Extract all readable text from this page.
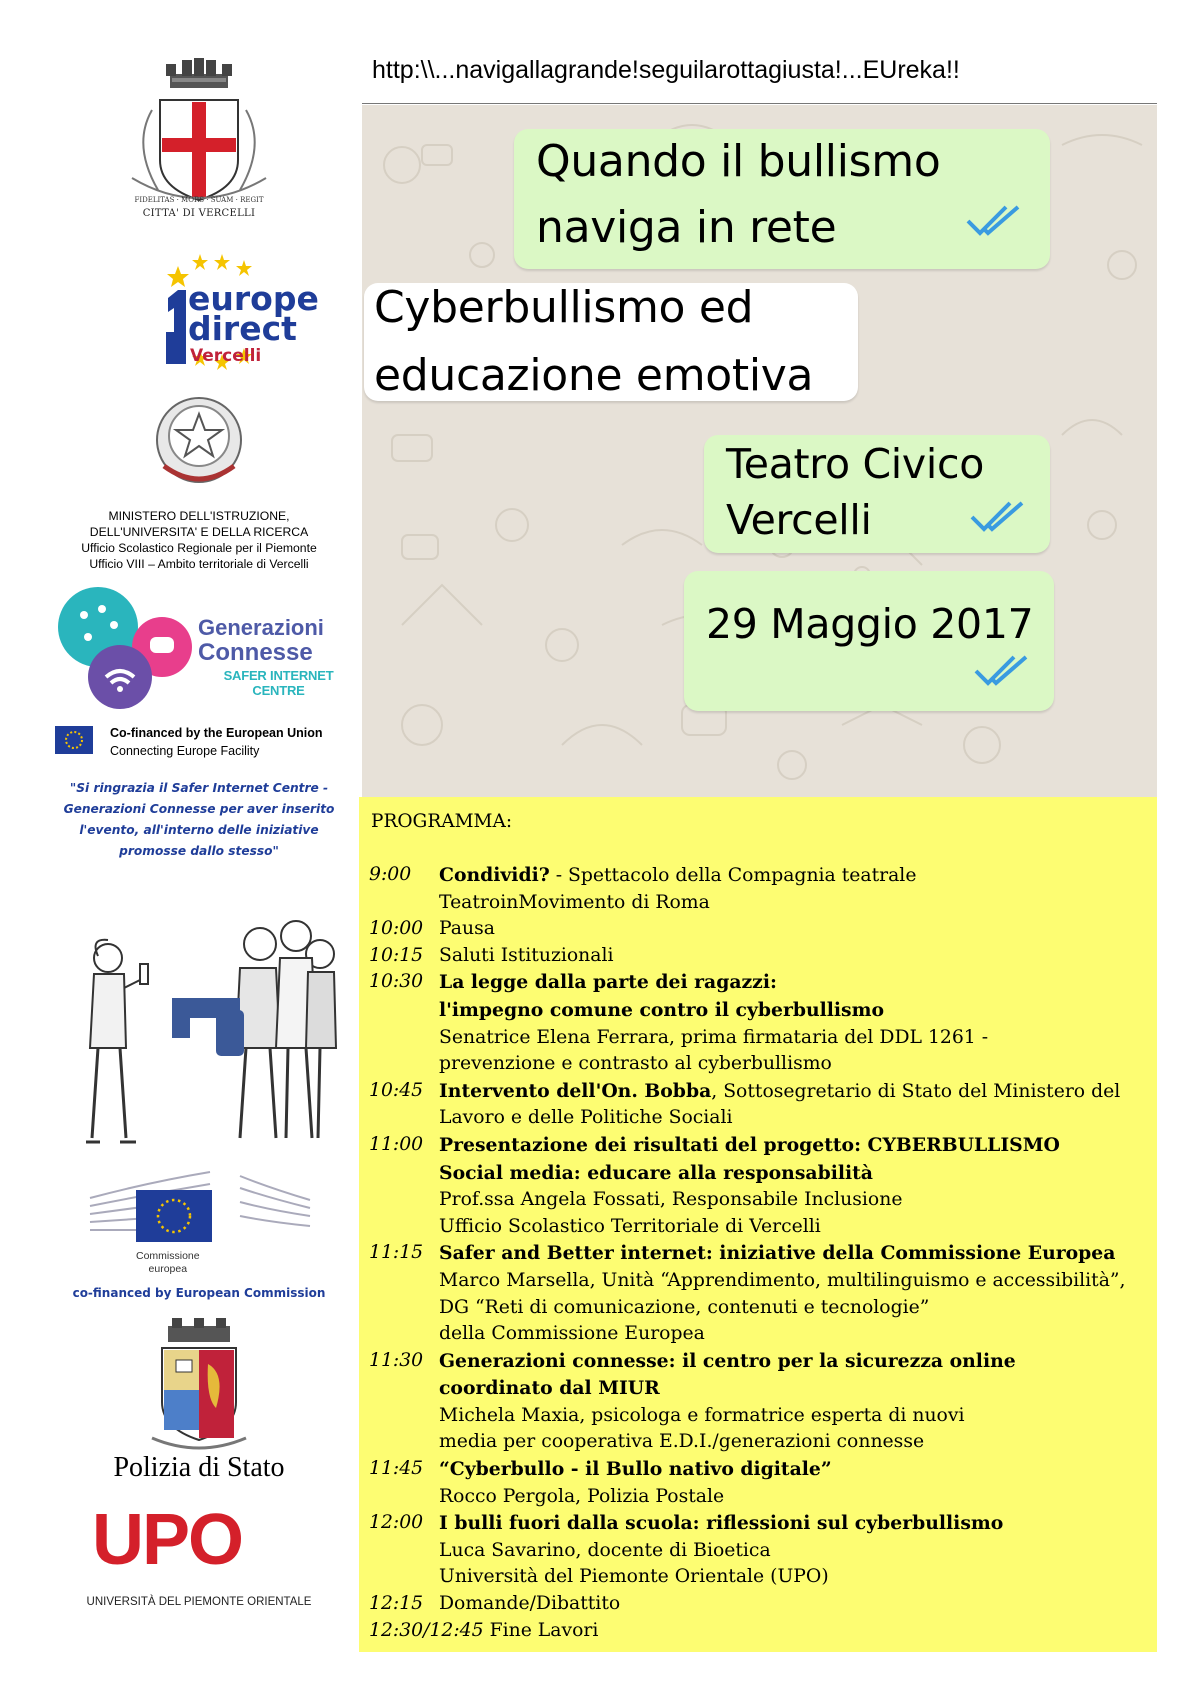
FIDELITAS · MORS · SUAM · REGIT
CITTA' DI VERCELLI
europe
direct
Vercelli
MINISTERO DELL'ISTRUZIONE,
DELL'UNIVERSITA' E DELLA RICERCA
Ufficio Scolastico Regionale per il Piemonte
Ufficio VIII – Ambito territoriale di Vercelli
Generazioni
Connesse
SAFER INTERNET CENTRE
Co-financed by the European Union
Connecting Europe Facility
"Si ringrazia il Safer Internet Centre -
Generazioni Connesse per aver inserito
l'evento, all'interno delle iniziative
promosse dallo stesso"
Commissione
europea
co-financed by European Commission
Polizia di Stato
UPO
UNIVERSITÀ DEL PIEMONTE ORIENTALE
http:\\...navigallagrande!seguilarottagiusta!...EUreka!!
Quando il bullismo
naviga in rete
Cyberbullismo ed
educazione emotiva
Teatro Civico
Vercelli
29 Maggio 2017
PROGRAMMA:
9:00	Condividi? - Spettacolo della Compagnia teatrale
TeatroinMovimento di Roma
10:00 Pausa
10:15 Saluti Istituzionali
10:30 La legge dalla parte dei ragazzi:
l'impegno comune contro il cyberbullismo
Senatrice Elena Ferrara, prima firmataria del DDL 1261 -
prevenzione e contrasto al cyberbullismo
10:45 Intervento dell'On. Bobba, Sottosegretario di Stato del Ministero del
Lavoro e delle Politiche Sociali
11:00 Presentazione dei risultati del progetto: CYBERBULLISMO
Social media: educare alla responsabilità
Prof.ssa Angela Fossati, Responsabile Inclusione
Ufficio Scolastico Territoriale di Vercelli
11:15 Safer and Better internet: iniziative della Commissione Europea
Marco Marsella, Unità “Apprendimento, multilinguismo e accessibilità”,
DG “Reti di comunicazione, contenuti e tecnologie”
della Commissione Europea
11:30 Generazioni connesse: il centro per la sicurezza online
coordinato dal MIUR
Michela Maxia, psicologa e formatrice esperta di nuovi
media per cooperativa E.D.I./generazioni connesse
11:45 “Cyberbullo - il Bullo nativo digitale”
Rocco Pergola, Polizia Postale
12:00 I bulli fuori dalla scuola: riflessioni sul cyberbullismo
Luca Savarino, docente di Bioetica
Università del Piemonte Orientale (UPO)
12:15 Domande/Dibattito
12:30/12:45 Fine Lavori
